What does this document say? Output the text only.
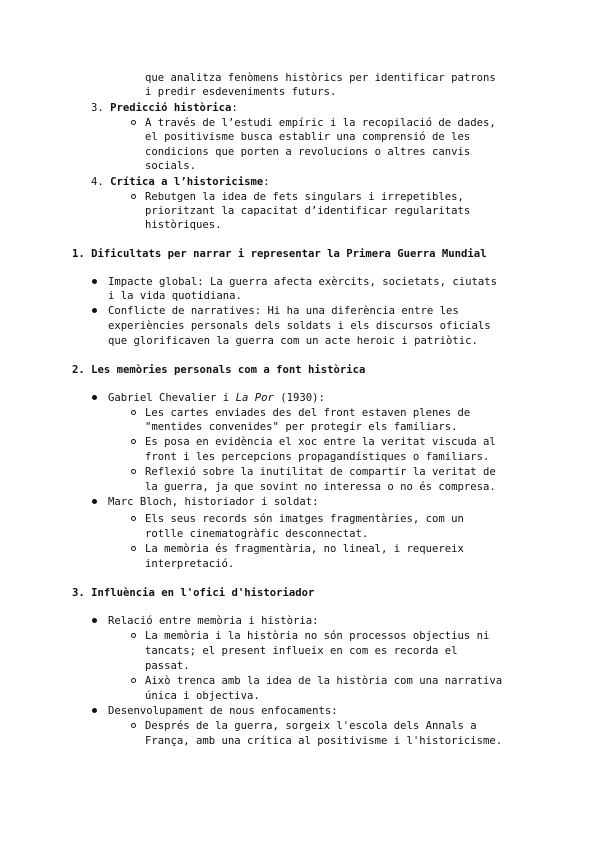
que analitza fenòmens històrics per identificar patrons
i predir esdeveniments futurs.
3. Predicció històrica:
A través de l’estudi empíric i la recopilació de dades,
el positivisme busca establir una comprensió de les
condicions que porten a revolucions o altres canvis
socials.
4. Crítica a l’historicisme:
Rebutgen la idea de fets singulars i irrepetibles,
prioritzant la capacitat d’identificar regularitats
històriques.
1. Dificultats per narrar i representar la Primera Guerra Mundial
Impacte global: La guerra afecta exèrcits, societats, ciutats
i la vida quotidiana.
Conflicte de narratives: Hi ha una diferència entre les
experiències personals dels soldats i els discursos oficials
que glorificaven la guerra com un acte heroic i patriòtic.
2. Les memòries personals com a font històrica
Gabriel Chevalier i La Por (1930):
Les cartes enviades des del front estaven plenes de
"mentides convenides" per protegir els familiars.
Es posa en evidència el xoc entre la veritat viscuda al
front i les percepcions propagandístiques o familiars.
Reflexió sobre la inutilitat de compartir la veritat de
la guerra, ja que sovint no interessa o no és compresa.
Marc Bloch, historiador i soldat:
Els seus records són imatges fragmentàries, com un
rotlle cinematogràfic desconnectat.
La memòria és fragmentària, no lineal, i requereix
interpretació.
3. Influència en l'ofici d'historiador
Relació entre memòria i història:
La memòria i la història no són processos objectius ni
tancats; el present influeix en com es recorda el
passat.
Això trenca amb la idea de la història com una narrativa
única i objectiva.
Desenvolupament de nous enfocaments:
Després de la guerra, sorgeix l'escola dels Annals a
França, amb una crítica al positivisme i l'historicisme.
